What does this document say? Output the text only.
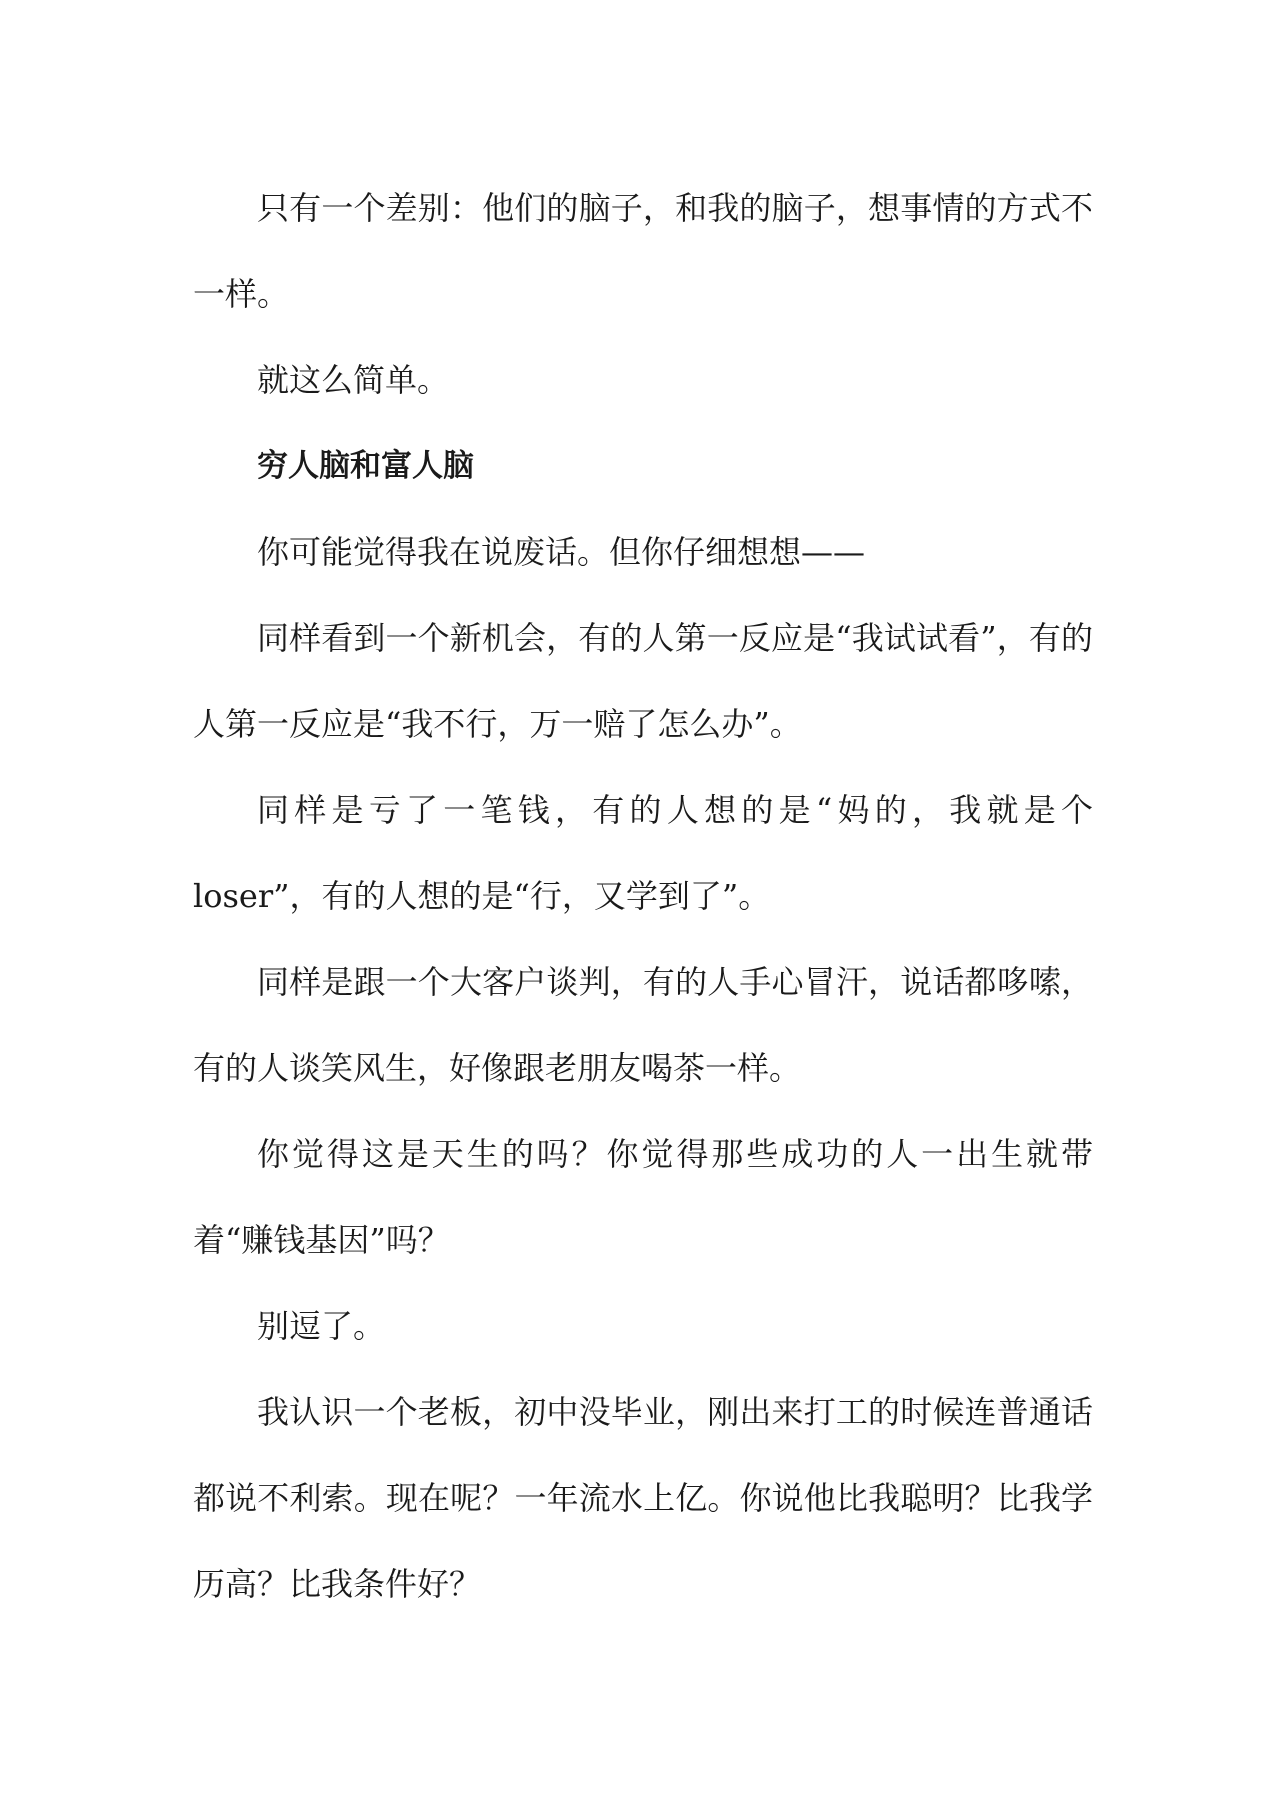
只有一个差别：他们的脑子，和我的脑子，想事情的方式不一样。

就这么简单。

穷人脑和富人脑

你可能觉得我在说废话。但你仔细想想——

同样看到一个新机会，有的人第一反应是“我试试看”，有的人第一反应是“我不行，万一赔了怎么办”。

同样是亏了一笔钱，有的人想的是“妈的，我就是个 loser”，有的人想的是“行，又学到了”。

同样是跟一个大客户谈判，有的人手心冒汗，说话都哆嗦，有的人谈笑风生，好像跟老朋友喝茶一样。

你觉得这是天生的吗？你觉得那些成功的人一出生就带着“赚钱基因”吗？

别逗了。

我认识一个老板，初中没毕业，刚出来打工的时候连普通话都说不利索。现在呢？一年流水上亿。你说他比我聪明？比我学历高？比我条件好？
